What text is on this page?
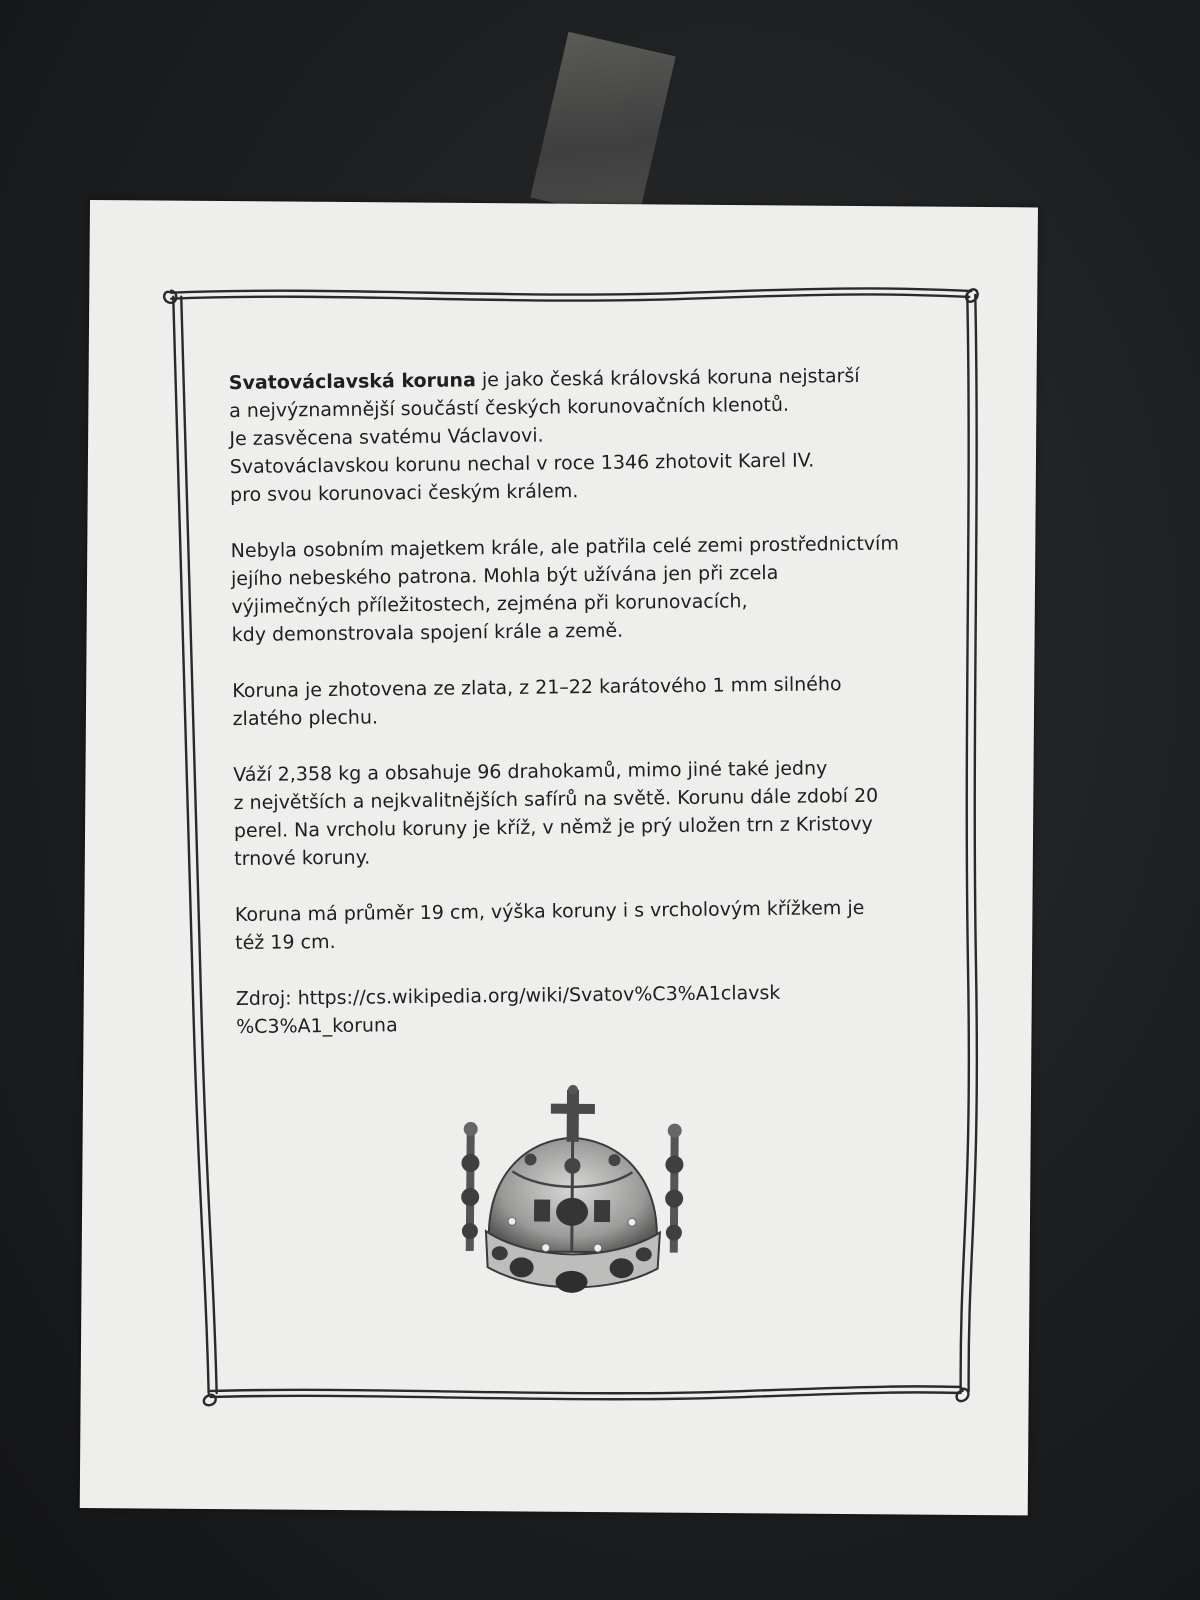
Svatováclavská koruna je jako česká královská koruna nejstarší
a nejvýznamnější součástí českých korunovačních klenotů.
Je zasvěcena svatému Václavovi.
Svatováclavskou korunu nechal v roce 1346 zhotovit Karel IV.
pro svou korunovaci českým králem.

Nebyla osobním majetkem krále, ale patřila celé zemi prostřednictvím
jejího nebeského patrona. Mohla být užívána jen při zcela
výjimečných příležitostech, zejména při korunovacích,
kdy demonstrovala spojení krále a země.

Koruna je zhotovena ze zlata, z 21–22 karátového 1 mm silného
zlatého plechu.

Váží 2,358 kg a obsahuje 96 drahokamů, mimo jiné také jedny
z největších a nejkvalitnějších safírů na světě. Korunu dále zdobí 20
perel. Na vrcholu koruny je kříž, v němž je prý uložen trn z Kristovy
trnové koruny.

Koruna má průměr 19 cm, výška koruny i s vrcholovým křížkem je
též 19 cm.

Zdroj: https://cs.wikipedia.org/wiki/Svatov%C3%A1clavsk
%C3%A1_koruna
